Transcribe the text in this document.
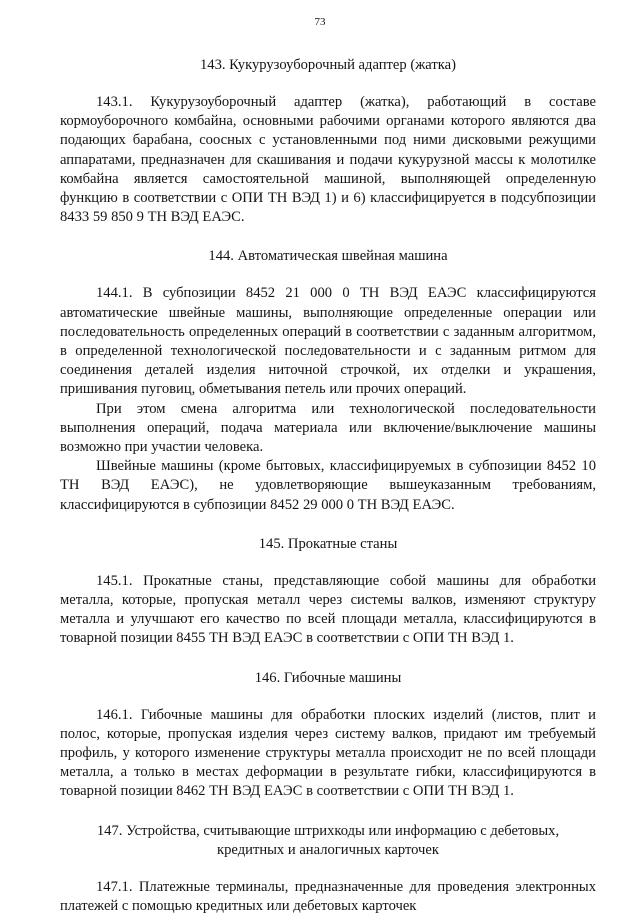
73
143. Кукурузоуборочный адаптер (жатка)

143.1. Кукурузоуборочный адаптер (жатка), работающий в составе кормоуборочного комбайна, основными рабочими органами которого являются два подающих барабана, соосных с установленными под ними дисковыми режущими аппаратами, предназначен для скашивания и подачи кукурузной массы к молотилке комбайна является самостоятельной машиной, выполняющей определенную функцию в соответствии с ОПИ ТН ВЭД 1) и 6) классифицируется в подсубпозиции 8433 59 850 9 ТН ВЭД ЕАЭС.

144. Автоматическая швейная машина

144.1. В субпозиции 8452 21 000 0 ТН ВЭД ЕАЭС классифицируются автоматические швейные машины, выполняющие определенные операции или последовательность определенных операций в соответствии с заданным алгоритмом, в определенной технологической последовательности и с заданным ритмом для соединения деталей изделия ниточной строчкой, их отделки и украшения, пришивания пуговиц, обметывания петель или прочих операций.

При этом смена алгоритма или технологической последовательности выполнения операций, подача материала или включение/выключение машины возможно при участии человека.

Швейные машины (кроме бытовых, классифицируемых в субпозиции 8452 10 ТН ВЭД ЕАЭС), не удовлетворяющие вышеуказанным требованиям, классифицируются в субпозиции 8452 29 000 0 ТН ВЭД ЕАЭС.

145. Прокатные станы

145.1. Прокатные станы, представляющие собой машины для обработки металла, которые, пропуская металл через системы валков, изменяют структуру металла и улучшают его качество по всей площади металла, классифицируются в товарной позиции 8455 ТН ВЭД ЕАЭС в соответствии с ОПИ ТН ВЭД 1.

146. Гибочные машины

146.1. Гибочные машины для обработки плоских изделий (листов, плит и полос, которые, пропуская изделия через систему валков, придают им требуемый профиль, у которого изменение структуры металла происходит не по всей площади металла, а только в местах деформации в результате гибки, классифицируются в товарной позиции 8462 ТН ВЭД ЕАЭС в соответствии с ОПИ ТН ВЭД 1.

147. Устройства, считывающие штрихкоды или информацию с дебетовых, кредитных и аналогичных карточек

147.1. Платежные терминалы, предназначенные для проведения электронных платежей с помощью кредитных или дебетовых карточек
